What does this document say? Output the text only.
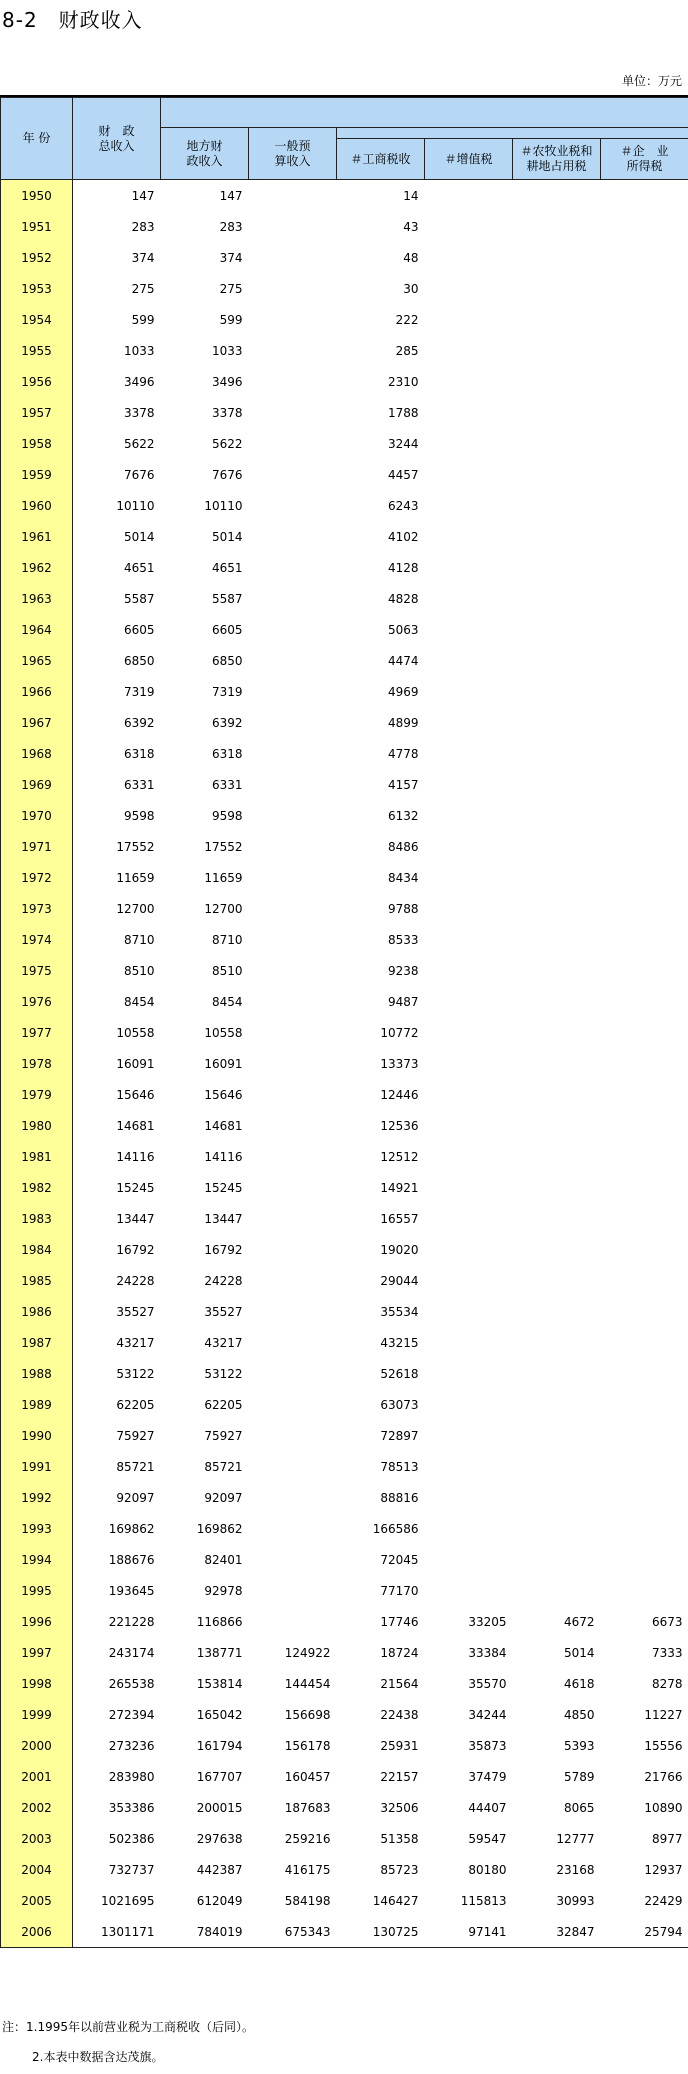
8-2　财政收入
单位：万元
年 份	财　政
总收入						
		地方财
政收入	一般预
算收入				
				＃工商税收	＃增值税	＃农牧业税和
耕地占用税	＃企　业
所得税
1950	147	147		14			
1951	283	283		43			
1952	374	374		48			
1953	275	275		30			
1954	599	599		222			
1955	1033	1033		285			
1956	3496	3496		2310			
1957	3378	3378		1788			
1958	5622	5622		3244			
1959	7676	7676		4457			
1960	10110	10110		6243			
1961	5014	5014		4102			
1962	4651	4651		4128			
1963	5587	5587		4828			
1964	6605	6605		5063			
1965	6850	6850		4474			
1966	7319	7319		4969			
1967	6392	6392		4899			
1968	6318	6318		4778			
1969	6331	6331		4157			
1970	9598	9598		6132			
1971	17552	17552		8486			
1972	11659	11659		8434			
1973	12700	12700		9788			
1974	8710	8710		8533			
1975	8510	8510		9238			
1976	8454	8454		9487			
1977	10558	10558		10772			
1978	16091	16091		13373			
1979	15646	15646		12446			
1980	14681	14681		12536			
1981	14116	14116		12512			
1982	15245	15245		14921			
1983	13447	13447		16557			
1984	16792	16792		19020			
1985	24228	24228		29044			
1986	35527	35527		35534			
1987	43217	43217		43215			
1988	53122	53122		52618			
1989	62205	62205		63073			
1990	75927	75927		72897			
1991	85721	85721		78513			
1992	92097	92097		88816			
1993	169862	169862		166586			
1994	188676	82401		72045			
1995	193645	92978		77170			
1996	221228	116866		17746	33205	4672	6673
1997	243174	138771	124922	18724	33384	5014	7333
1998	265538	153814	144454	21564	35570	4618	8278
1999	272394	165042	156698	22438	34244	4850	11227
2000	273236	161794	156178	25931	35873	5393	15556
2001	283980	167707	160457	22157	37479	5789	21766
2002	353386	200015	187683	32506	44407	8065	10890
2003	502386	297638	259216	51358	59547	12777	8977
2004	732737	442387	416175	85723	80180	23168	12937
2005	1021695	612049	584198	146427	115813	30993	22429
2006	1301171	784019	675343	130725	97141	32847	25794
注：1.1995年以前营业税为工商税收（后同）。
2.本表中数据含达茂旗。
